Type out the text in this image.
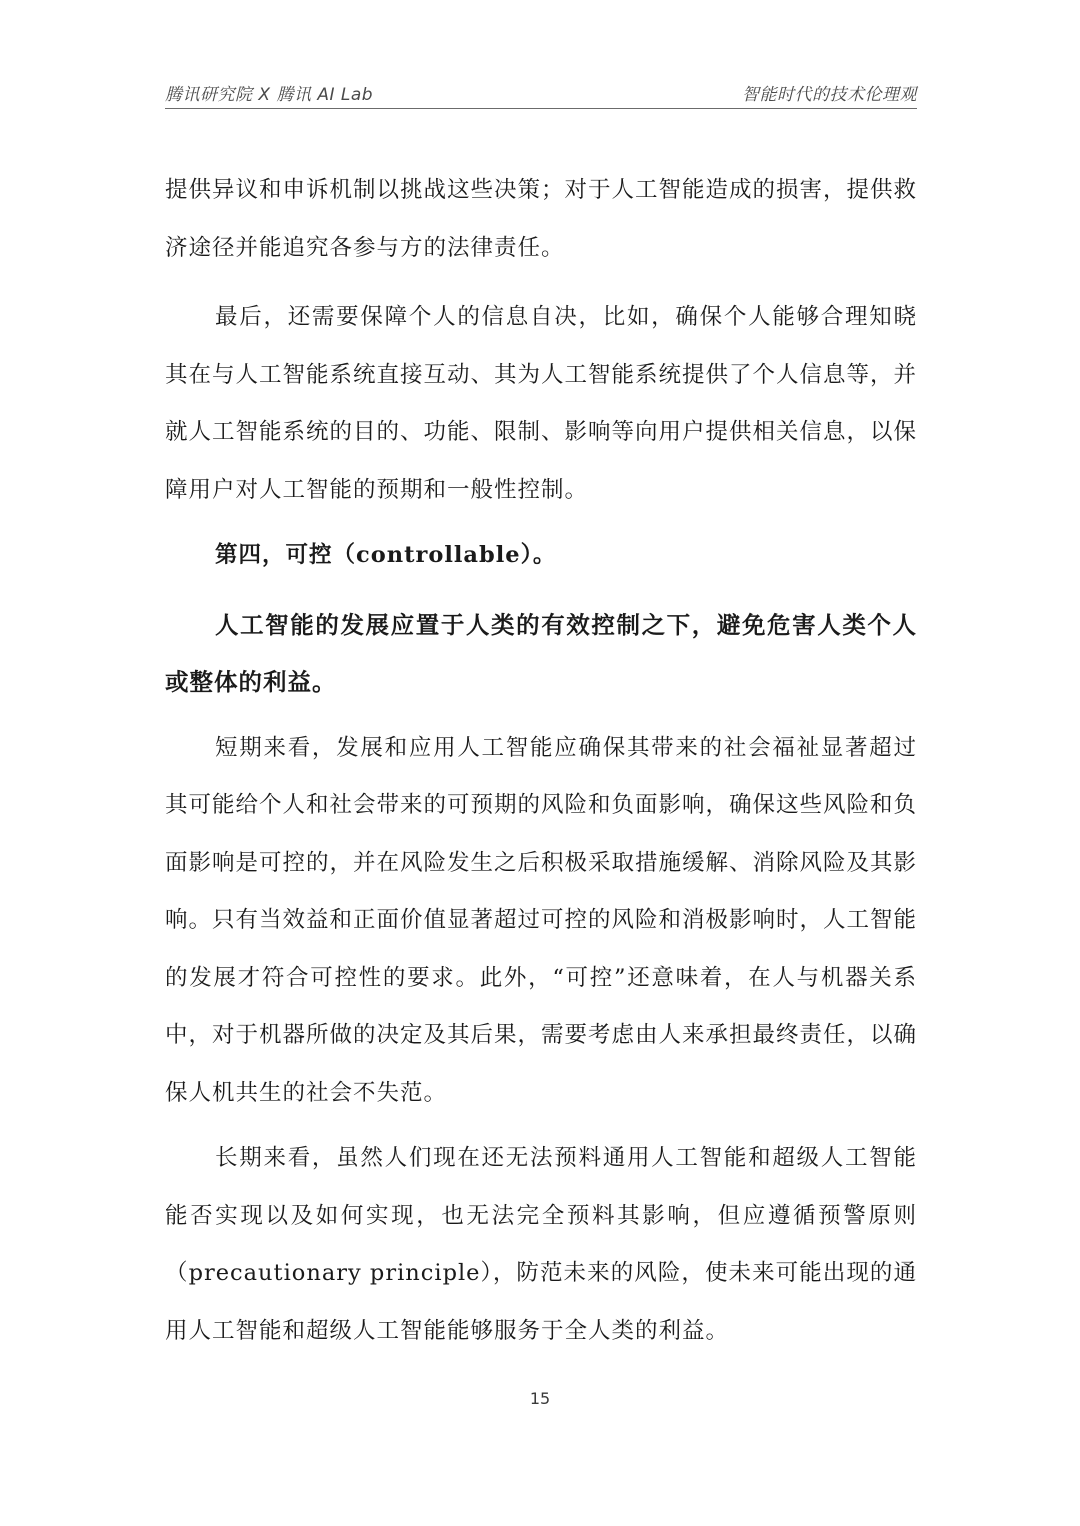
腾讯研究院 X 腾讯 AI Lab	智能时代的技术伦理观

提供异议和申诉机制以挑战这些决策；对于人工智能造成的损害，提供救济途径并能追究各参与方的法律责任。

最后，还需要保障个人的信息自决，比如，确保个人能够合理知晓其在与人工智能系统直接互动、其为人工智能系统提供了个人信息等，并就人工智能系统的目的、功能、限制、影响等向用户提供相关信息，以保障用户对人工智能的预期和一般性控制。

第四，可控（controllable）。

人工智能的发展应置于人类的有效控制之下，避免危害人类个人或整体的利益。

短期来看，发展和应用人工智能应确保其带来的社会福祉显著超过其可能给个人和社会带来的可预期的风险和负面影响，确保这些风险和负面影响是可控的，并在风险发生之后积极采取措施缓解、消除风险及其影响。只有当效益和正面价值显著超过可控的风险和消极影响时，人工智能的发展才符合可控性的要求。此外，“可控”还意味着，在人与机器关系中，对于机器所做的决定及其后果，需要考虑由人来承担最终责任，以确保人机共生的社会不失范。

长期来看，虽然人们现在还无法预料通用人工智能和超级人工智能能否实现以及如何实现，也无法完全预料其影响，但应遵循预警原则（precautionary principle），防范未来的风险，使未来可能出现的通用人工智能和超级人工智能能够服务于全人类的利益。

15
